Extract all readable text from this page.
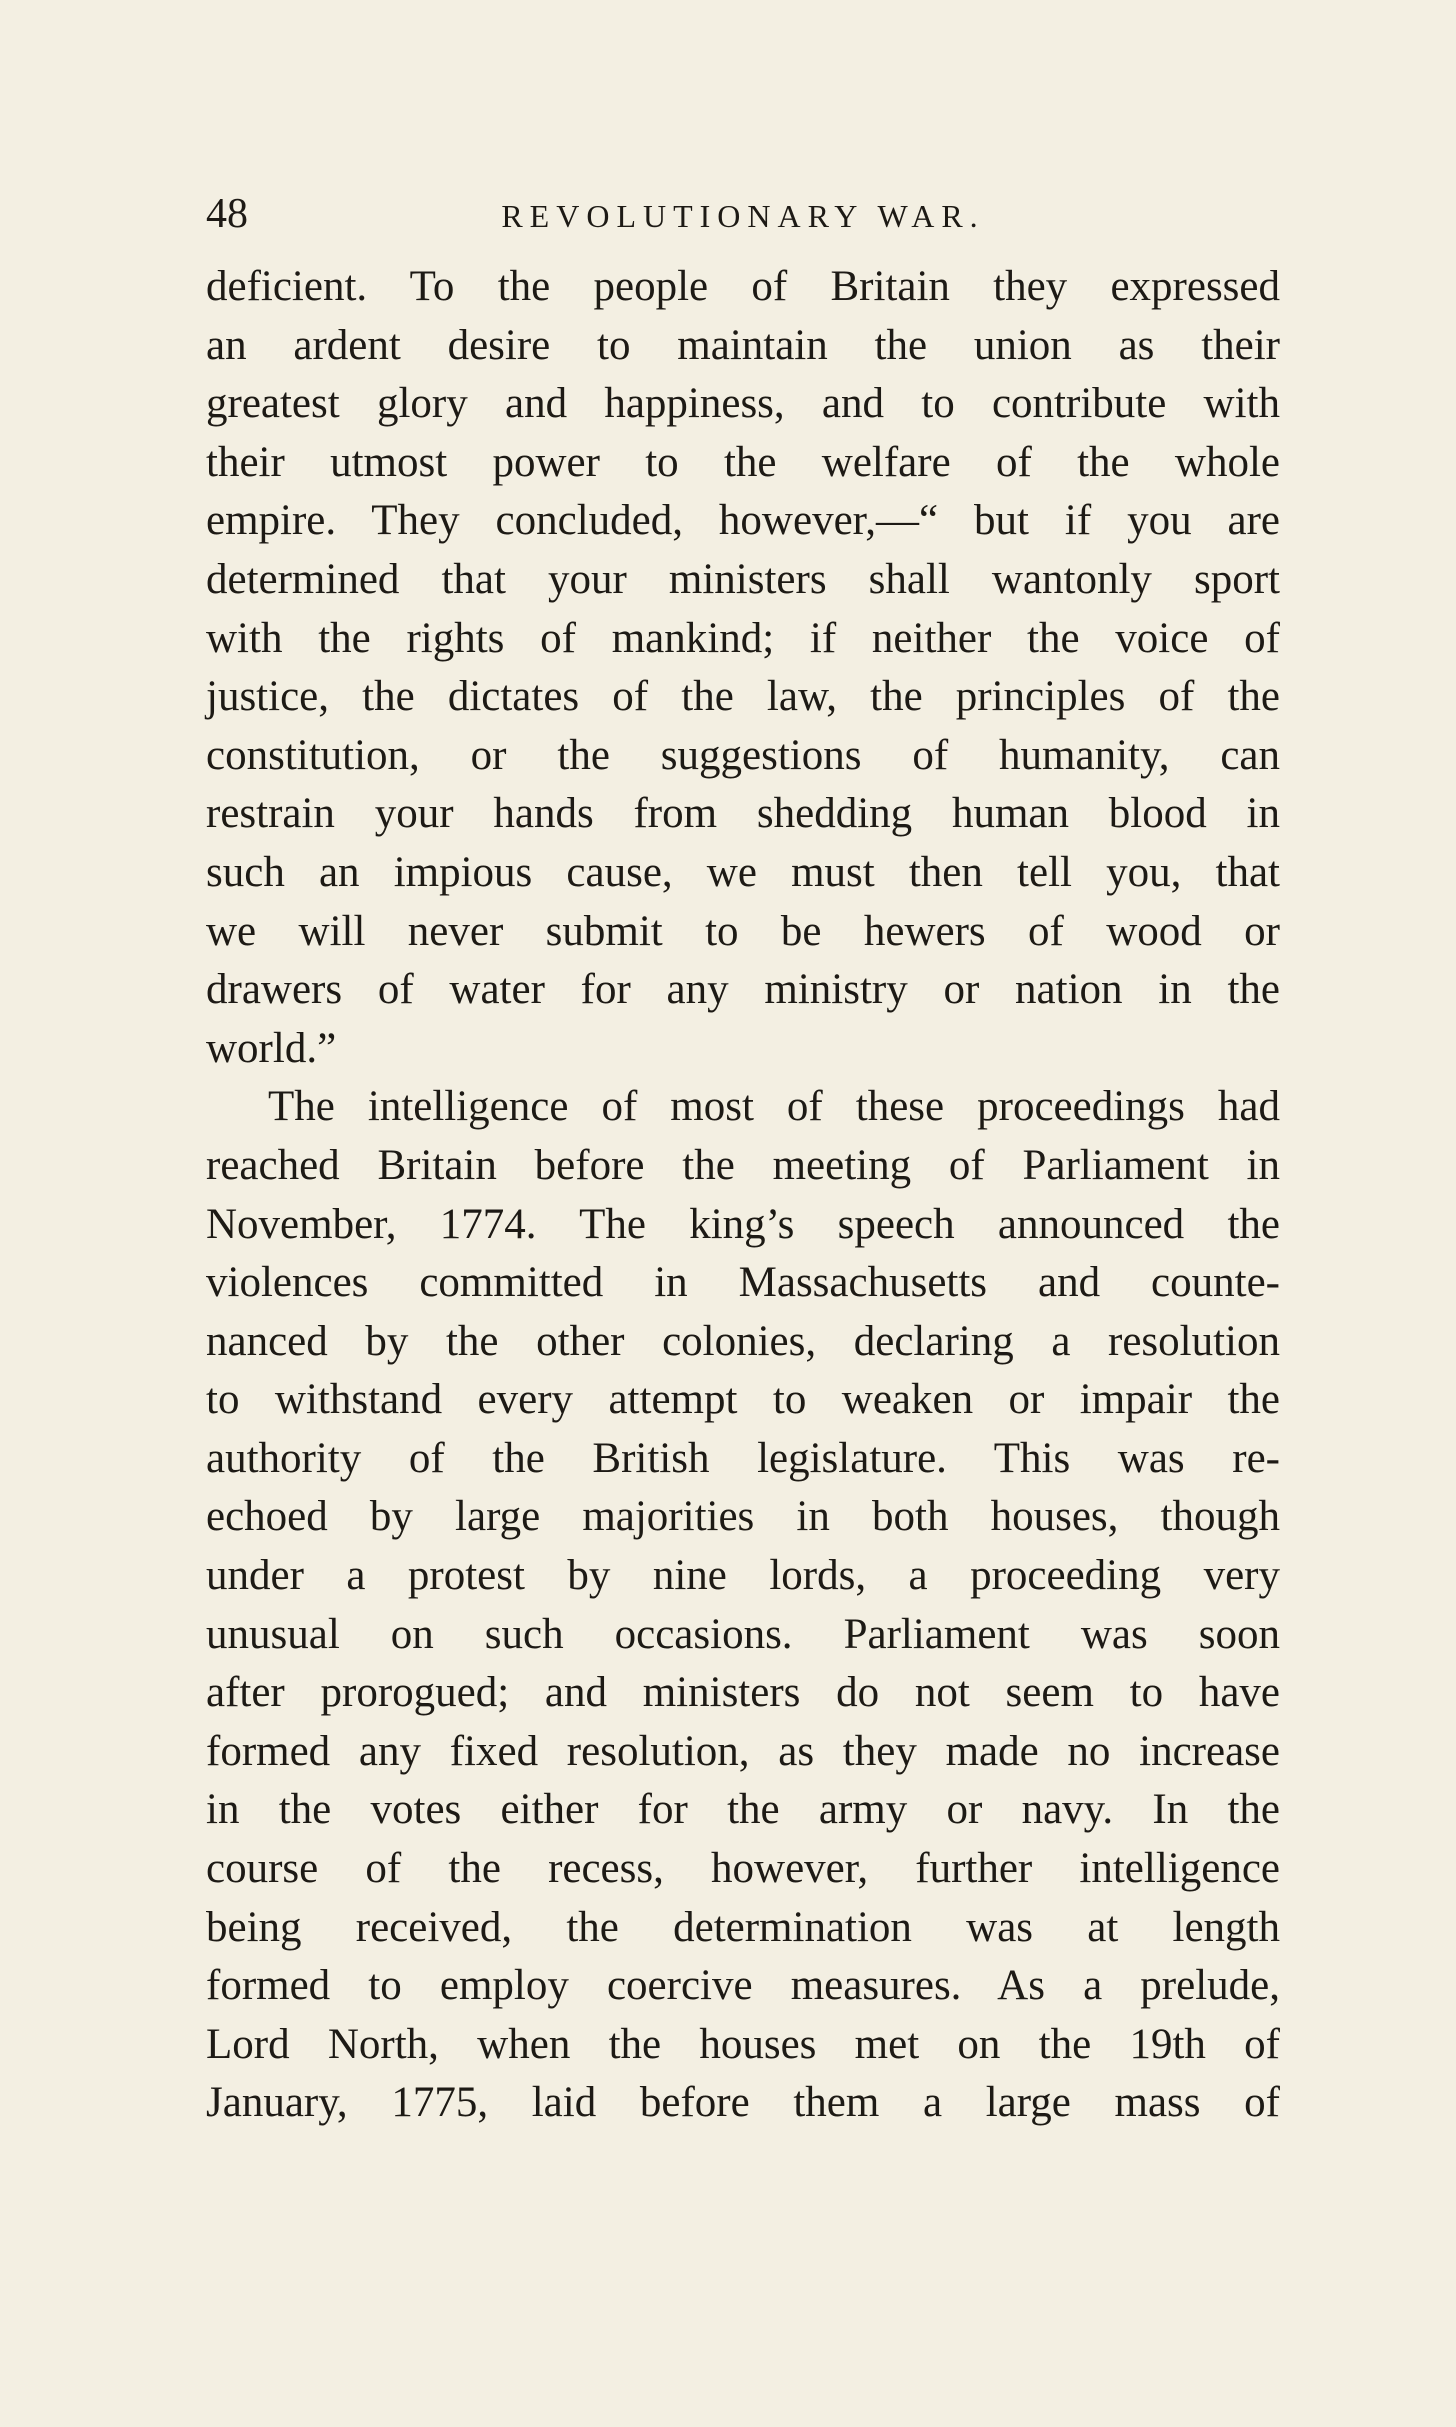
48	REVOLUTIONARY WAR.
deficient. To the people of Britain they expressed
an ardent desire to maintain the union as their
greatest glory and happiness, and to contribute with
their utmost power to the welfare of the whole
empire. They concluded, however,—“ but if you are
determined that your ministers shall wantonly sport
with the rights of mankind; if neither the voice of
justice, the dictates of the law, the principles of the
constitution, or the suggestions of humanity, can
restrain your hands from shedding human blood in
such an impious cause, we must then tell you, that
we will never submit to be hewers of wood or
drawers of water for any ministry or nation in the
world.”
The intelligence of most of these proceedings had
reached Britain before the meeting of Parliament in
November, 1774. The king’s speech announced the
violences committed in Massachusetts and counte-
nanced by the other colonies, declaring a resolution
to withstand every attempt to weaken or impair the
authority of the British legislature. This was re-
echoed by large majorities in both houses, though
under a protest by nine lords, a proceeding very
unusual on such occasions. Parliament was soon
after prorogued; and ministers do not seem to have
formed any fixed resolution, as they made no increase
in the votes either for the army or navy. In the
course of the recess, however, further intelligence
being received, the determination was at length
formed to employ coercive measures. As a prelude,
Lord North, when the houses met on the 19th of
January, 1775, laid before them a large mass of
